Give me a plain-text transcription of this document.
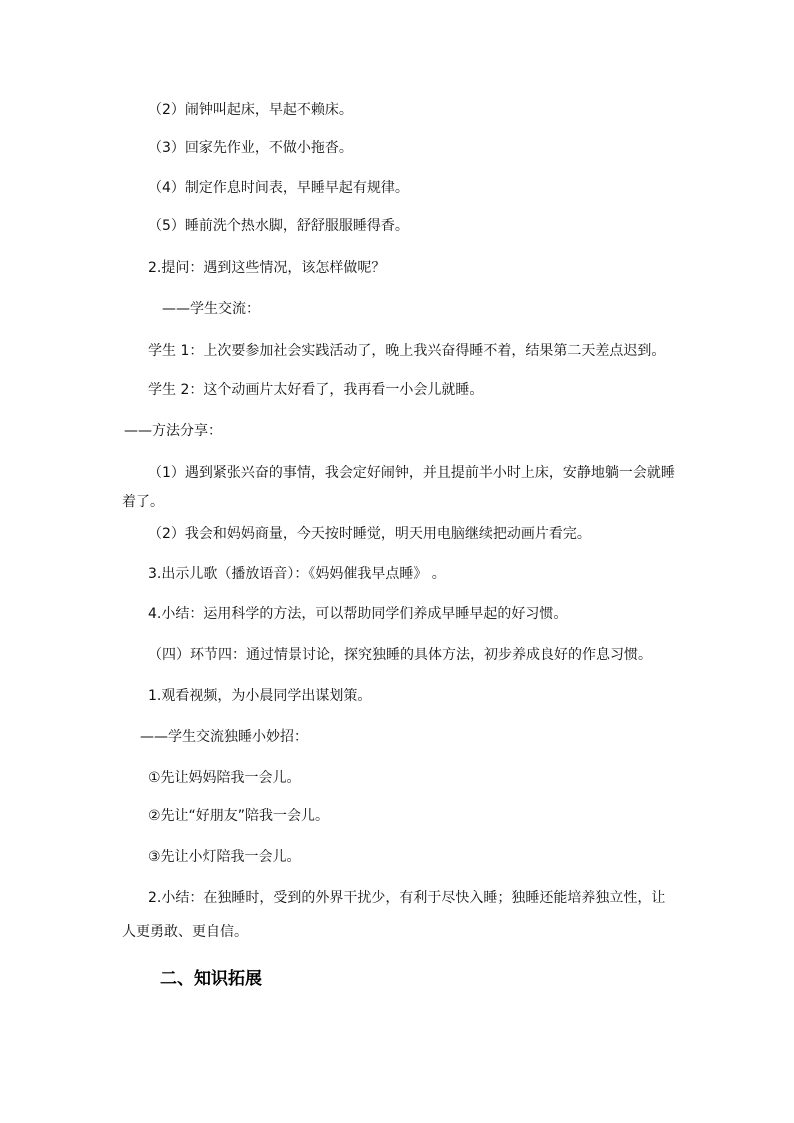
（2）闹钟叫起床，早起不赖床。

（3）回家先作业，不做小拖沓。

（4）制定作息时间表，早睡早起有规律。

（5）睡前洗个热水脚，舒舒服服睡得香。

2.提问：遇到这些情况，该怎样做呢？

——学生交流：

学生 1：上次要参加社会实践活动了，晚上我兴奋得睡不着，结果第二天差点迟到。

学生 2：这个动画片太好看了，我再看一小会儿就睡。

——方法分享：

（1）遇到紧张兴奋的事情，我会定好闹钟，并且提前半小时上床，安静地躺一会就睡

着了。

（2）我会和妈妈商量，今天按时睡觉，明天用电脑继续把动画片看完。

3.出示儿歌（播放语音）：《妈妈催我早点睡》 。

4.小结：运用科学的方法，可以帮助同学们养成早睡早起的好习惯。

（四）环节四：通过情景讨论，探究独睡的具体方法，初步养成良好的作息习惯。

1.观看视频，为小晨同学出谋划策。

——学生交流独睡小妙招：

①先让妈妈陪我一会儿。

②先让“好朋友”陪我一会儿。

③先让小灯陪我一会儿。

2.小结：在独睡时，受到的外界干扰少，有利于尽快入睡；独睡还能培养独立性，让

人更勇敢、更自信。

二、知识拓展
